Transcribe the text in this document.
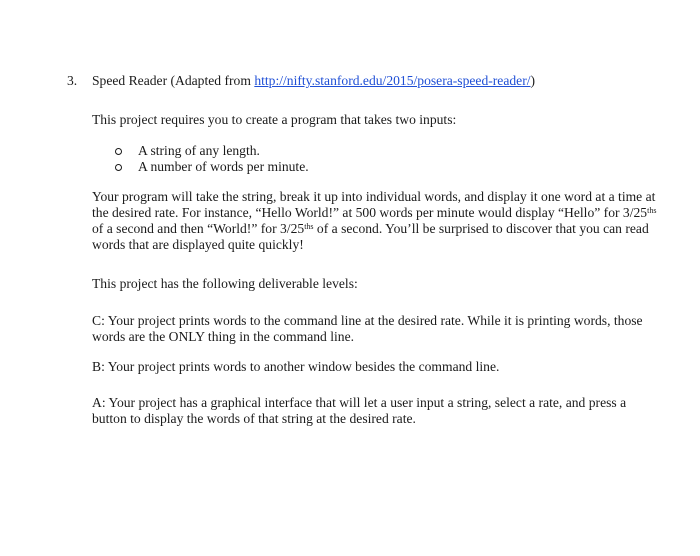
3. Speed Reader (Adapted from http://nifty.stanford.edu/2015/posera-speed-reader/)

This project requires you to create a program that takes two inputs:

A string of any length.
A number of words per minute.

Your program will take the string, break it up into individual words, and display it one word at a time at the desired rate. For instance, “Hello World!” at 500 words per minute would display “Hello” for $3/25^{ths}$ of a second and then “World!” for $3/25^{ths}$ of a second. You’ll be surprised to discover that you can read words that are displayed quite quickly!

This project has the following deliverable levels:

C: Your project prints words to the command line at the desired rate. While it is printing words, those words are the ONLY thing in the command line.

B: Your project prints words to another window besides the command line.

A: Your project has a graphical interface that will let a user input a string, select a rate, and press a button to display the words of that string at the desired rate.
